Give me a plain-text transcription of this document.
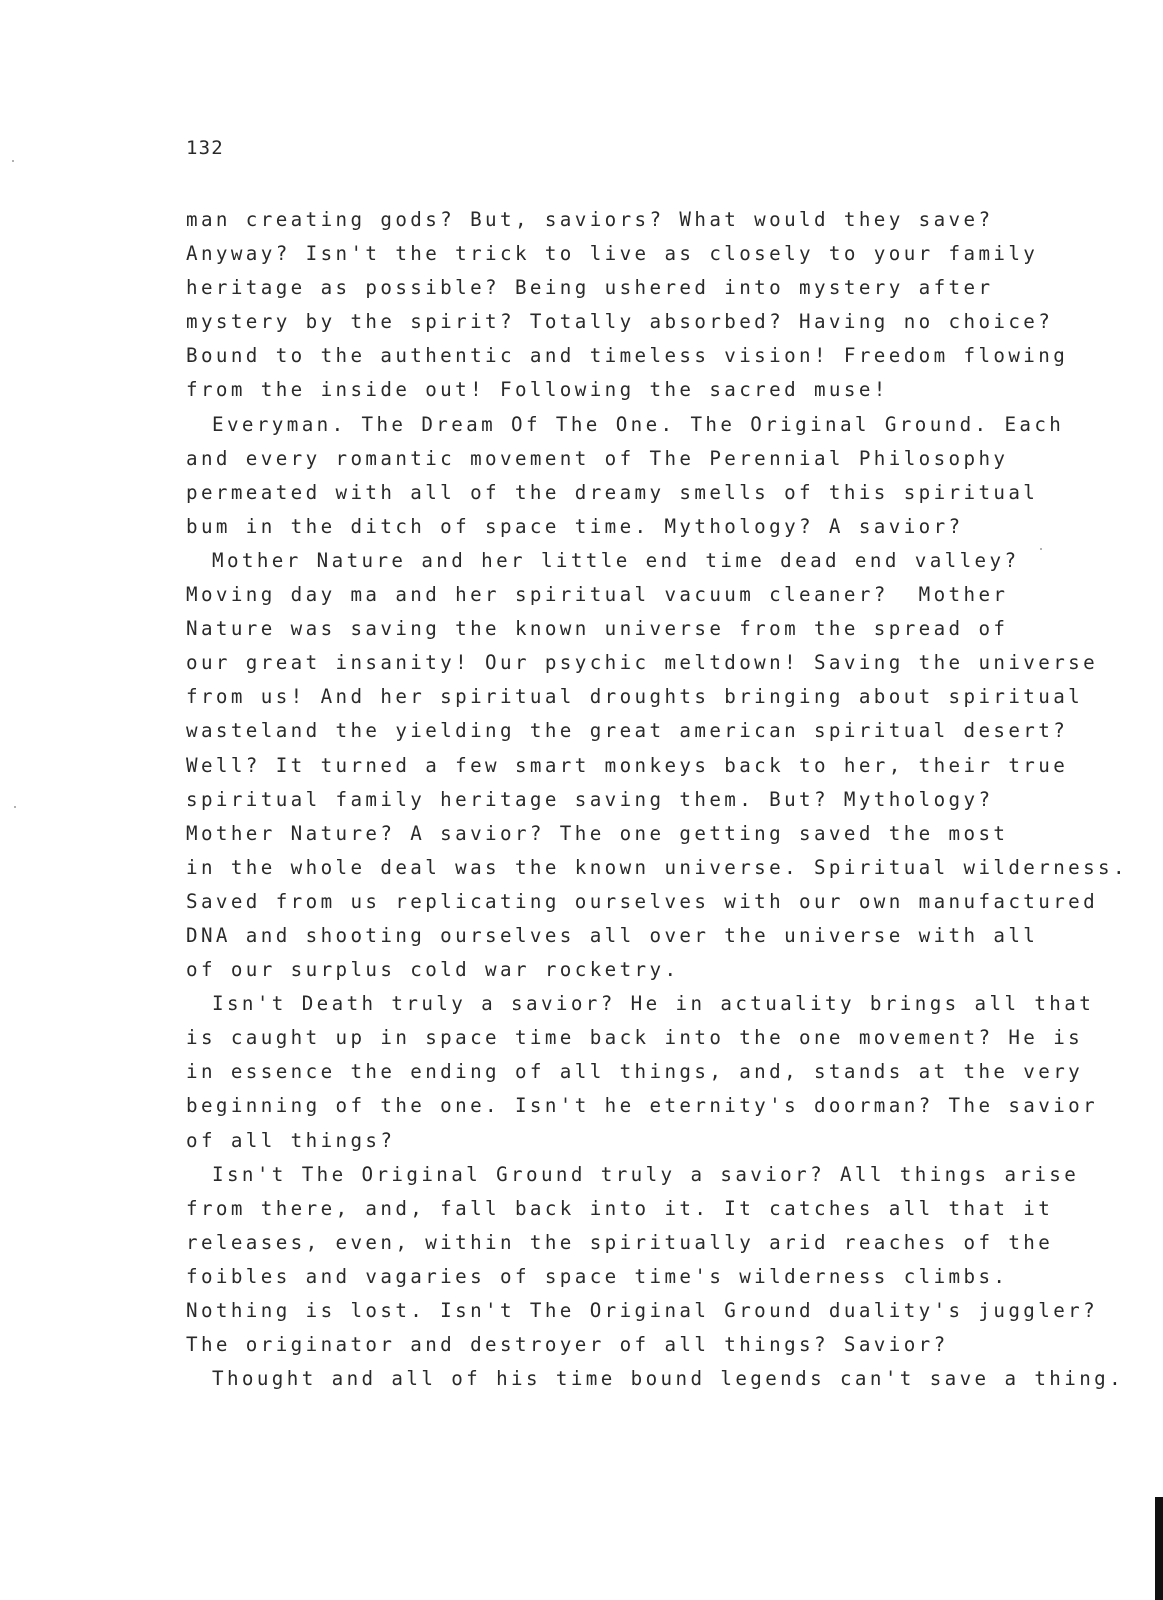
132
man creating gods? But, saviors? What would they save?
Anyway? Isn't the trick to live as closely to your family
heritage as possible? Being ushered into mystery after
mystery by the spirit? Totally absorbed? Having no choice?
Bound to the authentic and timeless vision! Freedom flowing
from the inside out! Following the sacred muse!
Everyman. The Dream Of The One. The Original Ground. Each
and every romantic movement of The Perennial Philosophy
permeated with all of the dreamy smells of this spiritual
bum in the ditch of space time. Mythology? A savior?
Mother Nature and her little end time dead end valley?
Moving day ma and her spiritual vacuum cleaner?  Mother
Nature was saving the known universe from the spread of
our great insanity! Our psychic meltdown! Saving the universe
from us! And her spiritual droughts bringing about spiritual
wasteland the yielding the great american spiritual desert?
Well? It turned a few smart monkeys back to her, their true
spiritual family heritage saving them. But? Mythology?
Mother Nature? A savior? The one getting saved the most
in the whole deal was the known universe. Spiritual wilderness.
Saved from us replicating ourselves with our own manufactured
DNA and shooting ourselves all over the universe with all
of our surplus cold war rocketry.
Isn't Death truly a savior? He in actuality brings all that
is caught up in space time back into the one movement? He is
in essence the ending of all things, and, stands at the very
beginning of the one. Isn't he eternity's doorman? The savior
of all things?
Isn't The Original Ground truly a savior? All things arise
from there, and, fall back into it. It catches all that it
releases, even, within the spiritually arid reaches of the
foibles and vagaries of space time's wilderness climbs.
Nothing is lost. Isn't The Original Ground duality's juggler?
The originator and destroyer of all things? Savior?
Thought and all of his time bound legends can't save a thing.
